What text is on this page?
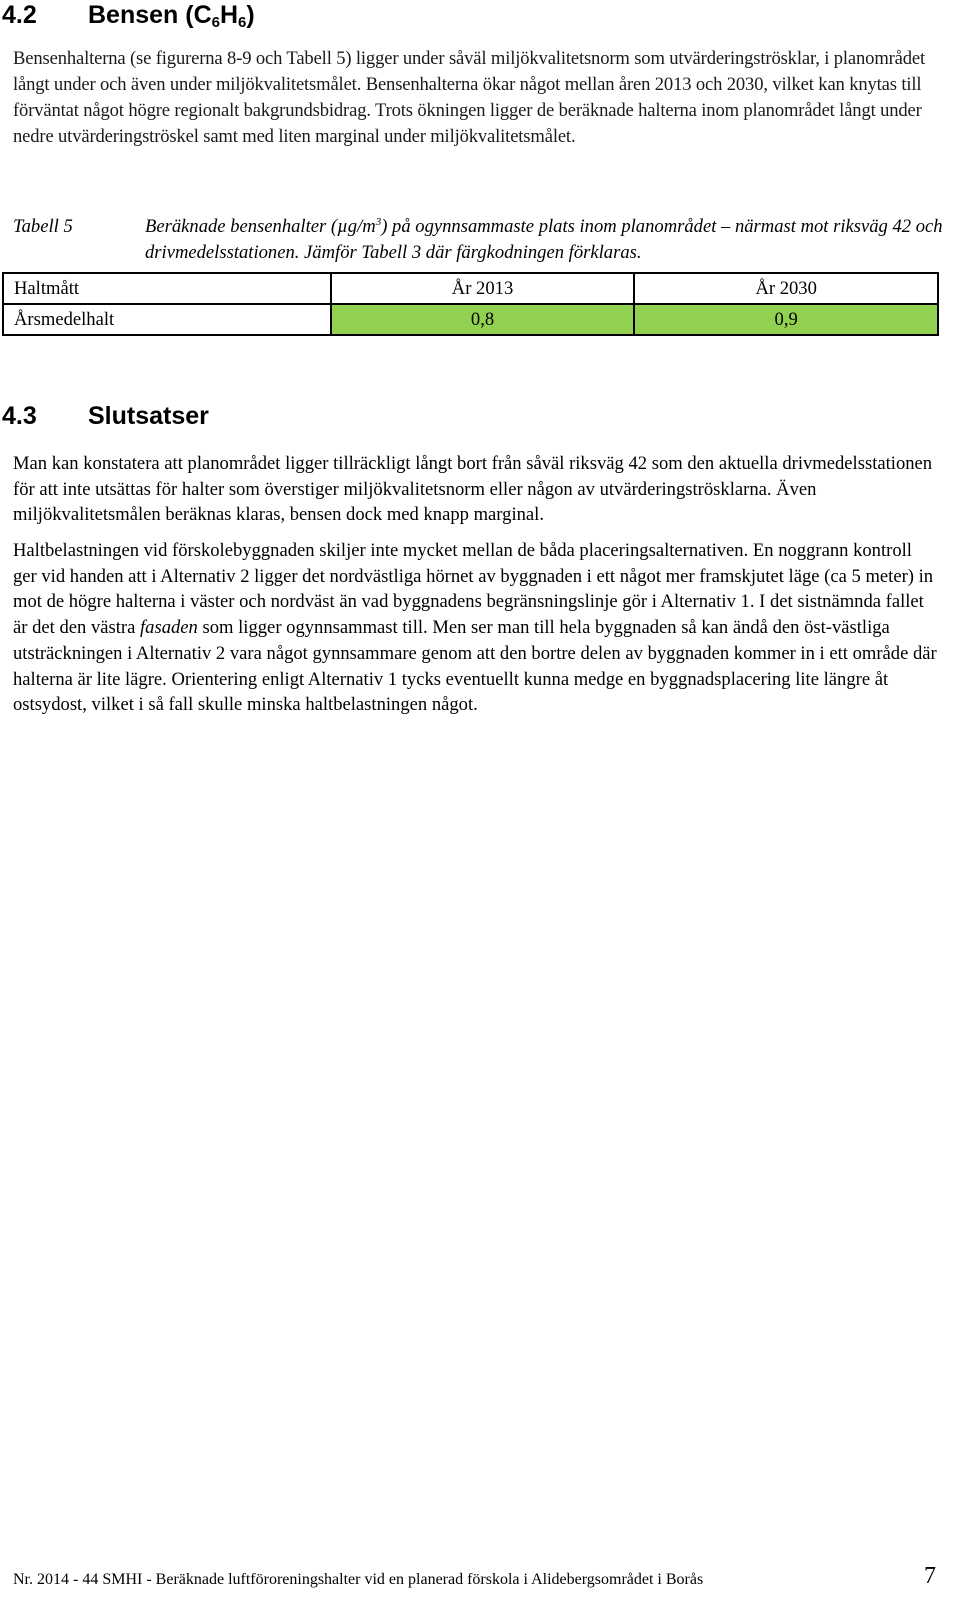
4.2 Bensen $(C_6H_6)$

Bensenhalterna (se figurerna 8-9 och Tabell 5) ligger under såväl miljökvalitetsnorm som utvärderingströsklar, i planområdet långt under och även under miljökvalitetsmålet. Bensenhalterna ökar något mellan åren 2013 och 2030, vilket kan knytas till förväntat något högre regionalt bakgrundsbidrag. Trots ökningen ligger de beräknade halterna inom planområdet långt under nedre utvärderingströskel samt med liten marginal under miljökvalitetsmålet.

Tabell 5	Beräknade bensenhalter $(\mu g/m^3)$ på ogynnsammaste plats inom planområdet – närmast mot riksväg 42 och drivmedelsstationen. Jämför Tabell 3 där färgkodningen förklaras.

Haltmått	År 2013	År 2030
Årsmedelhalt	0,8	0,9
4.3 Slutsatser

Man kan konstatera att planområdet ligger tillräckligt långt bort från såväl riksväg 42 som den aktuella drivmedelsstationen för att inte utsättas för halter som överstiger miljökvalitetsnorm eller någon av utvärderingströsklarna. Även miljökvalitetsmålen beräknas klaras, bensen dock med knapp marginal.

Haltbelastningen vid förskolebyggnaden skiljer inte mycket mellan de båda placeringsalternativen. En noggrann kontroll ger vid handen att i Alternativ 2 ligger det nordvästliga hörnet av byggnaden i ett något mer framskjutet läge (ca 5 meter) in mot de högre halterna i väster och nordväst än vad byggnadens begränsningslinje gör i Alternativ 1. I det sistnämnda fallet är det den västra fasaden som ligger ogynnsammast till. Men ser man till hela byggnaden så kan ändå den öst-västliga utsträckningen i Alternativ 2 vara något gynnsammare genom att den bortre delen av byggnaden kommer in i ett område där halterna är lite lägre. Orientering enligt Alternativ 1 tycks eventuellt kunna medge en byggnadsplacering lite längre åt ostsydost, vilket i så fall skulle minska haltbelastningen något.

Nr. 2014 - 44 SMHI - Beräknade luftföroreningshalter vid en planerad förskola i Alidebergsområdet i Borås	7
